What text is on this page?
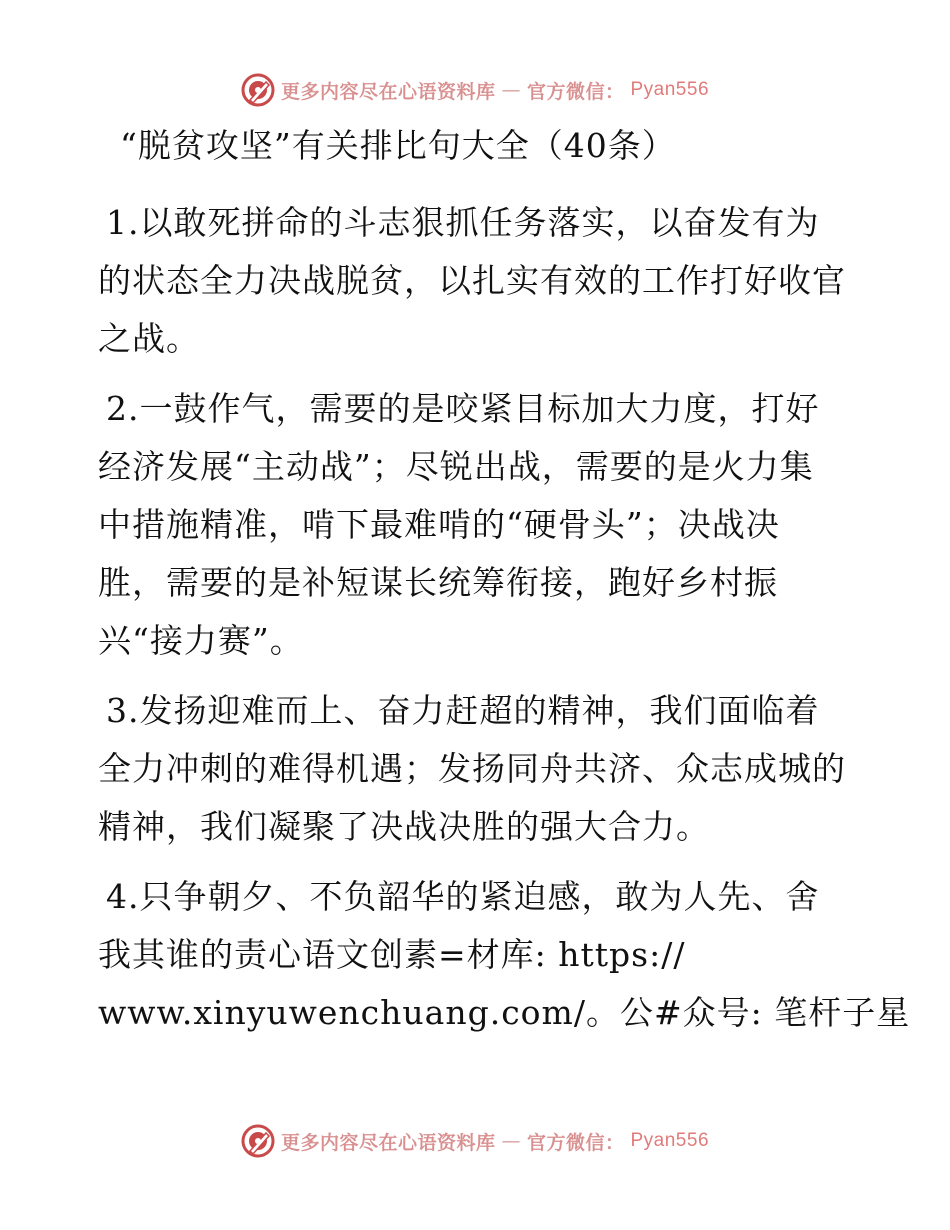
更多内容尽在心语资料库 — 官方微信： Pyan556
“脱贫攻坚”有关排比句大全（40条）

1.以敢死拼命的斗志狠抓任务落实，以奋发有为
的状态全力决战脱贫，以扎实有效的工作打好收官
之战。

2.一鼓作气，需要的是咬紧目标加大力度，打好
经济发展“主动战”；尽锐出战，需要的是火力集
中措施精准，啃下最难啃的“硬骨头”；决战决
胜，需要的是补短谋长统筹衔接，跑好乡村振
兴“接力赛”。

3.发扬迎难而上、奋力赶超的精神，我们面临着
全力冲刺的难得机遇；发扬同舟共济、众志成城的
精神，我们凝聚了决战决胜的强大合力。

4.只争朝夕、不负韶华的紧迫感，敢为人先、舍
我其谁的责心语文创素=材库: https://
www.xinyuwenchuang.com/。公#众号: 笔杆子星

更多内容尽在心语资料库 — 官方微信： Pyan556
